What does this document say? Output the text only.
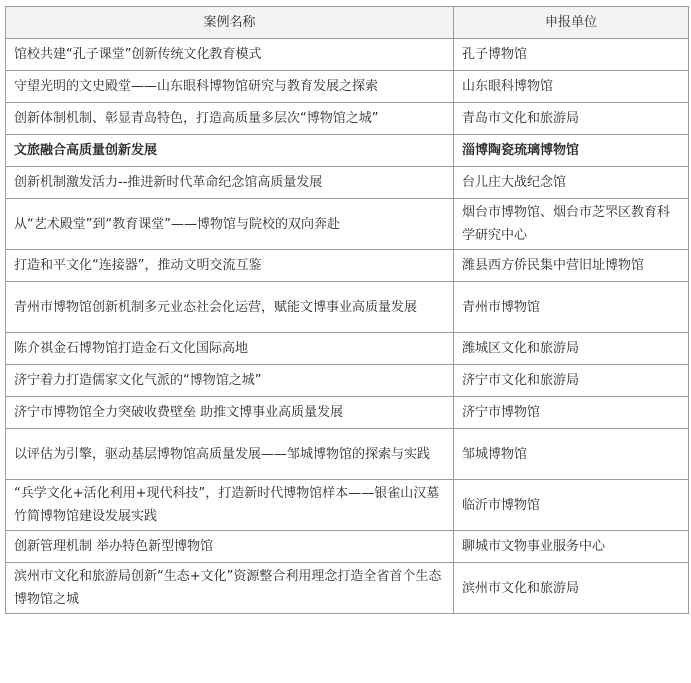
案例名称	申报单位
馆校共建“孔子课堂”创新传统文化教育模式	孔子博物馆
守望光明的文史殿堂——山东眼科博物馆研究与教育发展之探索	山东眼科博物馆
创新体制机制、彰显青岛特色，打造高质量多层次“博物馆之城”	青岛市文化和旅游局
文旅融合高质量创新发展	淄博陶瓷琉璃博物馆
创新机制激发活力--推进新时代革命纪念馆高质量发展	台儿庄大战纪念馆
从“艺术殿堂”到“教育课堂”——博物馆与院校的双向奔赴	烟台市博物馆、烟台市芝罘区教育科学研究中心
打造和平文化“连接器”，推动文明交流互鉴	潍县西方侨民集中营旧址博物馆
青州市博物馆创新机制多元业态社会化运营，赋能文博事业高质量发展	青州市博物馆
陈介祺金石博物馆打造金石文化国际高地	潍城区文化和旅游局
济宁着力打造儒家文化气派的“博物馆之城”	济宁市文化和旅游局
济宁市博物馆全力突破收费壁垒 助推文博事业高质量发展	济宁市博物馆
以评估为引擎，驱动基层博物馆高质量发展——邹城博物馆的探索与实践	邹城博物馆
“兵学文化+活化利用+现代科技”，打造新时代博物馆样本——银雀山汉墓竹简博物馆建设发展实践	临沂市博物馆
创新管理机制 举办特色新型博物馆	聊城市文物事业服务中心
滨州市文化和旅游局创新“生态+文化”资源整合利用理念打造全省首个生态博物馆之城	滨州市文化和旅游局
